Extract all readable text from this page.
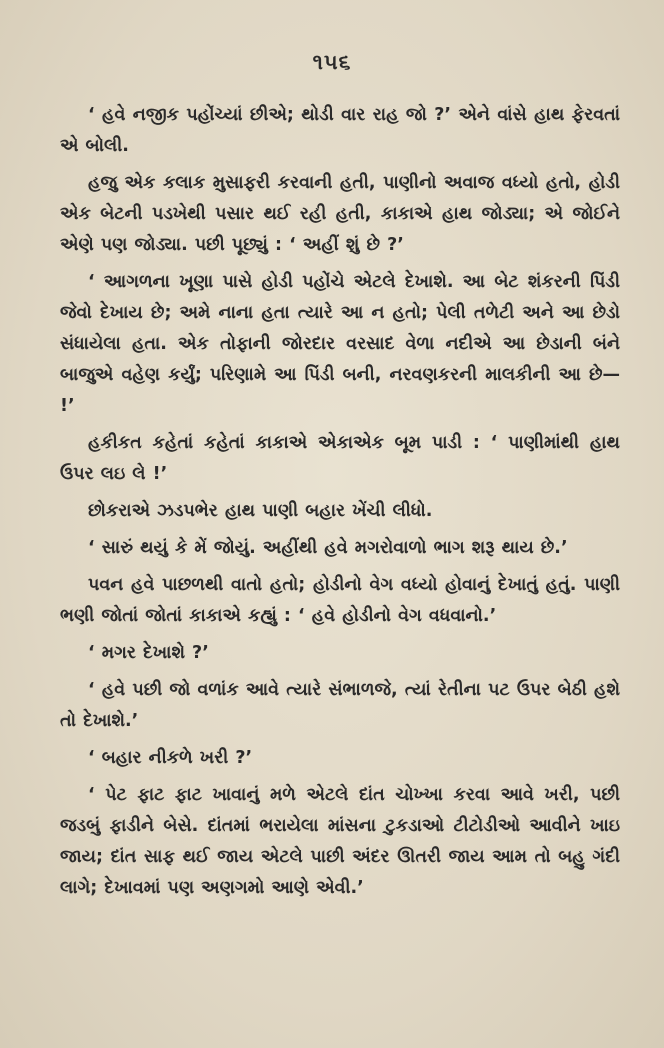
૧૫૬

‘ હવે નજીક પહોંચ્યાં છીએ; થોડી વાર રાહ જો ?’ એને વાંસે હાથ ફેરવતાં એ બોલી.

હજુ એક કલાક મુસાફરી કરવાની હતી, પાણીનો અવાજ વધ્યો હતો, હોડી એક બેટની પડખેથી પસાર થઈ રહી હતી, કાકાએ હાથ જોડ્યા; એ જોઈને એણે પણ જોડ્યા. પછી પૂછ્યું : ‘ અહીં શું છે ?’

‘ આગળના ખૂણા પાસે હોડી પહોંચે એટલે દેખાશે. આ બેટ શંકરની પિંડી જેવો દેખાય છે; અમે નાના હતા ત્યારે આ ન હતો; પેલી તળેટી અને આ છેડો સંધાયેલા હતા. એક તોફાની જોરદાર વરસાદ વેળા નદીએ આ છેડાની બંને બાજુએ વહેણ કર્યું; પરિણામે આ પિંડી બની, નરવણકરની માલકીની આ છે— !’

હકીકત કહેતાં કહેતાં કાકાએ એકાએક બૂમ પાડી : ‘ પાણીમાંથી હાથ ઉપર લઇ લે !’

છોકરાએ ઝડપભેર હાથ પાણી બહાર ખેંચી લીધો.

‘ સારું થયું કે મેં જોયું. અહીંથી હવે મગરોવાળો ભાગ શરૂ થાય છે.’

પવન હવે પાછળથી વાતો હતો; હોડીનો વેગ વધ્યો હોવાનું દેખાતું હતું. પાણી ભણી જોતાં જોતાં કાકાએ કહ્યું : ‘ હવે હોડીનો વેગ વધવાનો.’

‘ મગર દેખાશે ?’

‘ હવે પછી જો વળાંક આવે ત્યારે સંભાળજે, ત્યાં રેતીના પટ ઉપર બેઠી હશે તો દેખાશે.’

‘ બહાર નીકળે ખરી ?’

‘ પેટ ફાટ ફાટ ખાવાનું મળે એટલે દાંત ચોખ્ખા કરવા આવે ખરી, પછી જડબું ફાડીને બેસે. દાંતમાં ભરાયેલા માંસના ટુકડાઓ ટીટોડીઓ આવીને ખાઇ જાય; દાંત સાફ થઈ જાય એટલે પાછી અંદર ઊતરી જાય આમ તો બહુ ગંદી લાગે; દેખાવમાં પણ અણગમો આણે એવી.’
